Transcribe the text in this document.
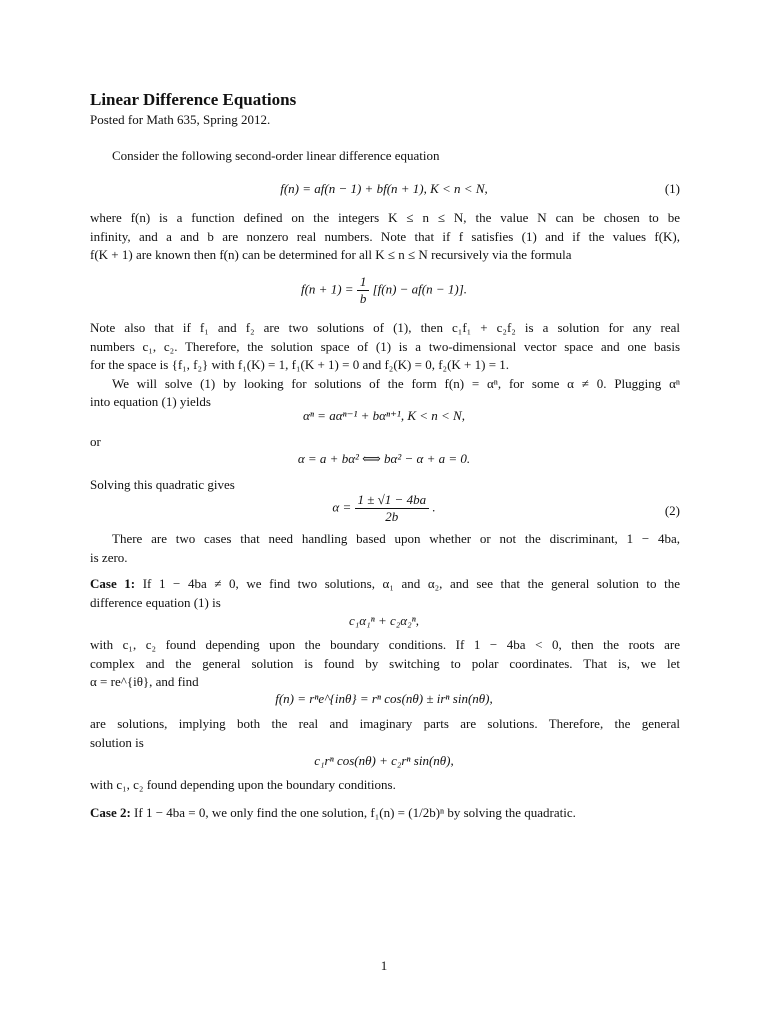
Linear Difference Equations
Posted for Math 635, Spring 2012.
Consider the following second-order linear difference equation
f(n) = af(n − 1) + bf(n + 1), K < n < N,	(1)
where f(n) is a function defined on the integers K ≤ n ≤ N, the value N can be chosen to be
infinity, and a and b are nonzero real numbers. Note that if f satisfies (1) and if the values f(K),
f(K + 1) are known then f(n) can be determined for all K ≤ n ≤ N recursively via the formula
$f(n + 1) = \frac{1}{b} [f(n) - af(n - 1)]$.
Note also that if f₁ and f₂ are two solutions of (1), then c₁f₁ + c₂f₂ is a solution for any real
numbers c₁, c₂. Therefore, the solution space of (1) is a two-dimensional vector space and one basis
for the space is {f₁, f₂} with f₁(K) = 1, f₁(K + 1) = 0 and f₂(K) = 0, f₂(K + 1) = 1.
We will solve (1) by looking for solutions of the form f(n) = αⁿ, for some α ≠ 0. Plugging αⁿ
into equation (1) yields
αⁿ = aαⁿ⁻¹ + bαⁿ⁺¹, K < n < N,
or
α = a + bα² ⟺ bα² − α + a = 0.
Solving this quadratic gives
$\alpha = \frac{1 \pm √1 - 4ba}{2b}$ .	(2)
There are two cases that need handling based upon whether or not the discriminant, 1 − 4ba,
is zero.
Case 1: If 1 − 4ba ≠ 0, we find two solutions, α₁ and α₂, and see that the general solution to the
difference equation (1) is
c₁α₁ⁿ + c₂α₂ⁿ,
with c₁, c₂ found depending upon the boundary conditions. If 1 − 4ba < 0, then the roots are
complex and the general solution is found by switching to polar coordinates. That is, we let
α = re^{iθ}, and find
f(n) = rⁿe^{inθ} = rⁿ cos(nθ) ± irⁿ sin(nθ),
are solutions, implying both the real and imaginary parts are solutions. Therefore, the general
solution is
c₁rⁿ cos(nθ) + c₂rⁿ sin(nθ),
with c₁, c₂ found depending upon the boundary conditions.
Case 2: If 1 − 4ba = 0, we only find the one solution, f₁(n) = (1/2b)ⁿ by solving the quadratic.
1
